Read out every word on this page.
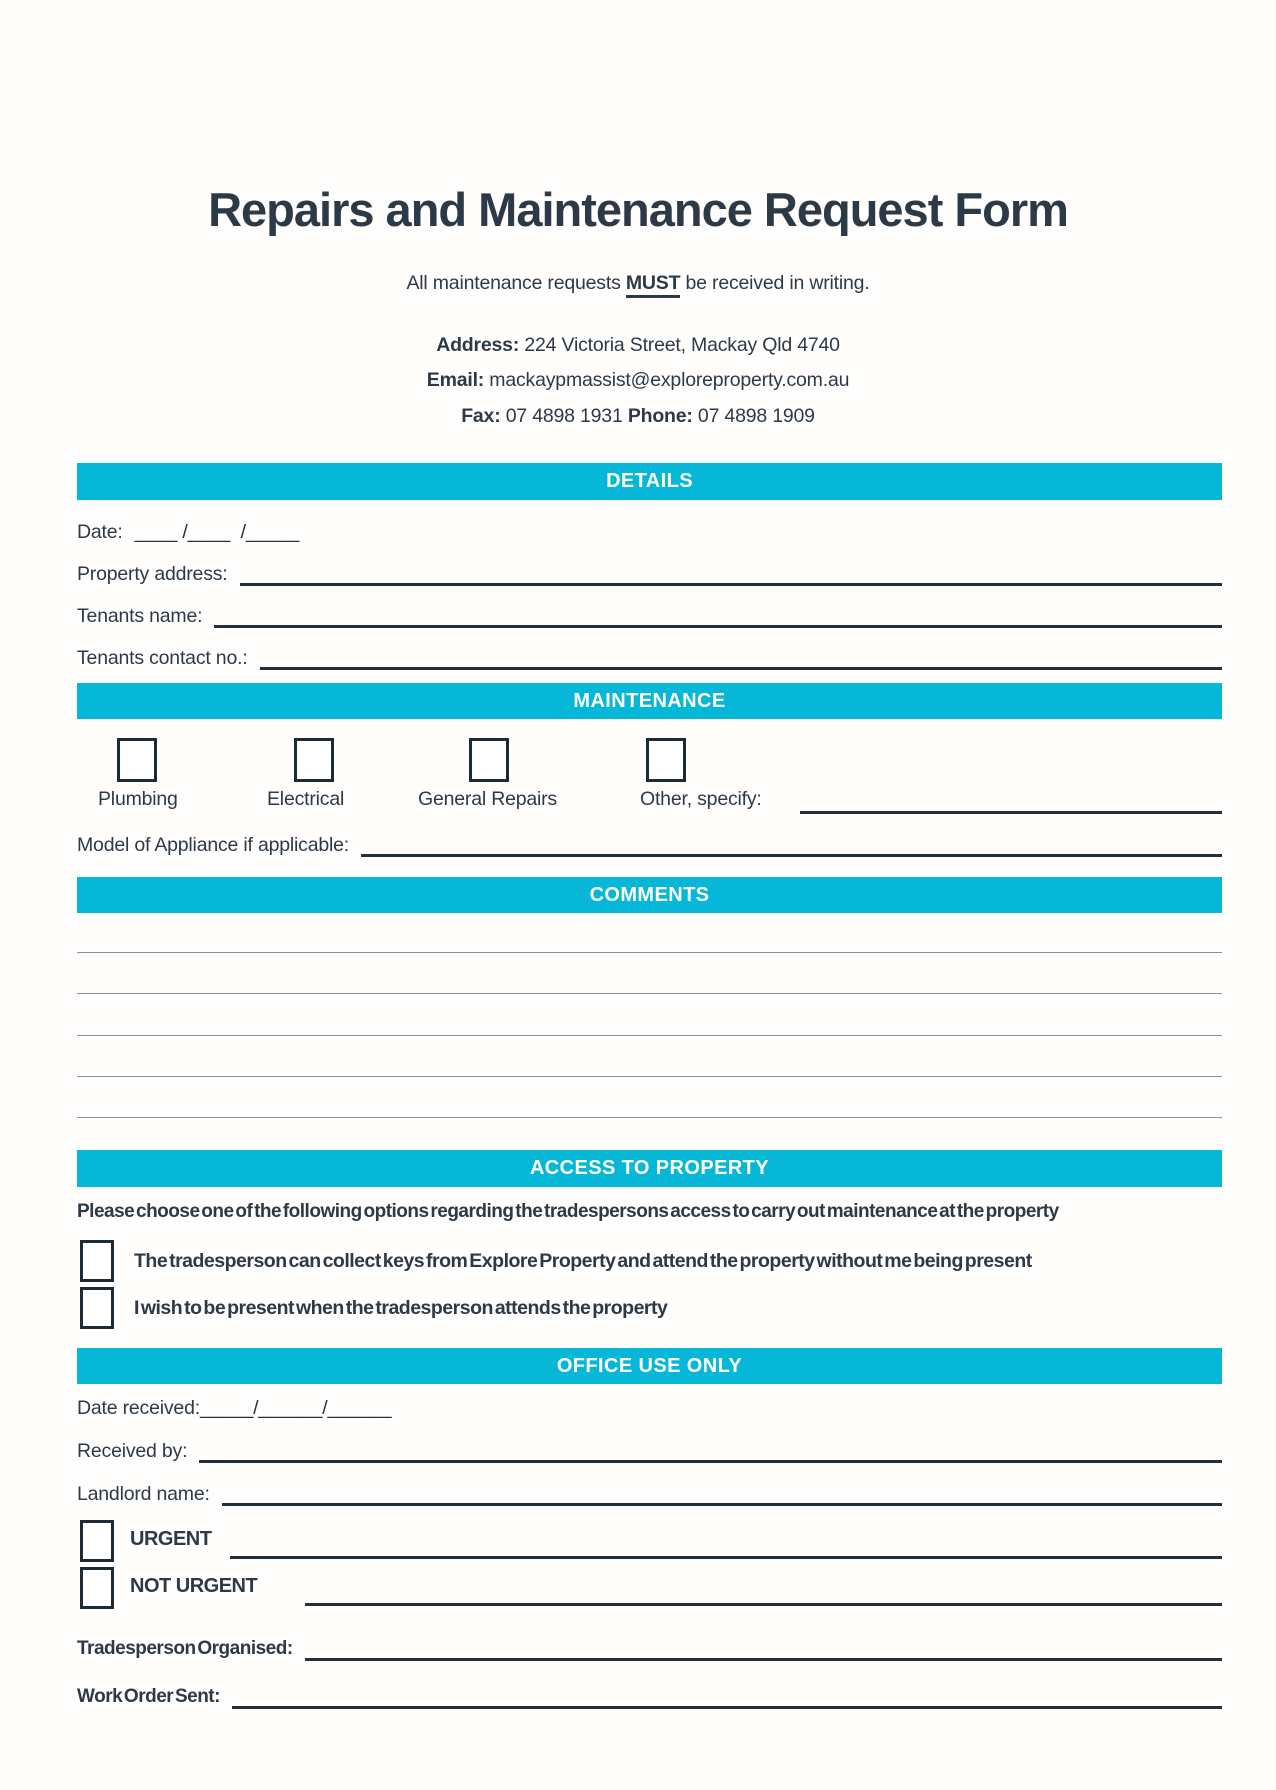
Repairs and Maintenance Request Form
All maintenance requests MUST be received in writing.
Address: 224 Victoria Street, Mackay Qld 4740
Email: mackaypmassist@exploreproperty.com.au
Fax: 07 4898 1931 Phone: 07 4898 1909
DETAILS
Date: ____ /____  /_____
Property address:
Tenants name:
Tenants contact no.:
MAINTENANCE
Plumbing	Electrical	General Repairs	Other, specify:
Model of Appliance if applicable:
COMMENTS
ACCESS TO PROPERTY
Please choose one of the following options regarding the tradespersons access to carry out maintenance at the property
The tradesperson can collect keys from Explore Property and attend the property without me being present
I wish to be present when the tradesperson attends the property
OFFICE USE ONLY
Date received: _____/______/______
Received by:
Landlord name:
URGENT
NOT URGENT
Tradesperson Organised:
Work Order Sent:
